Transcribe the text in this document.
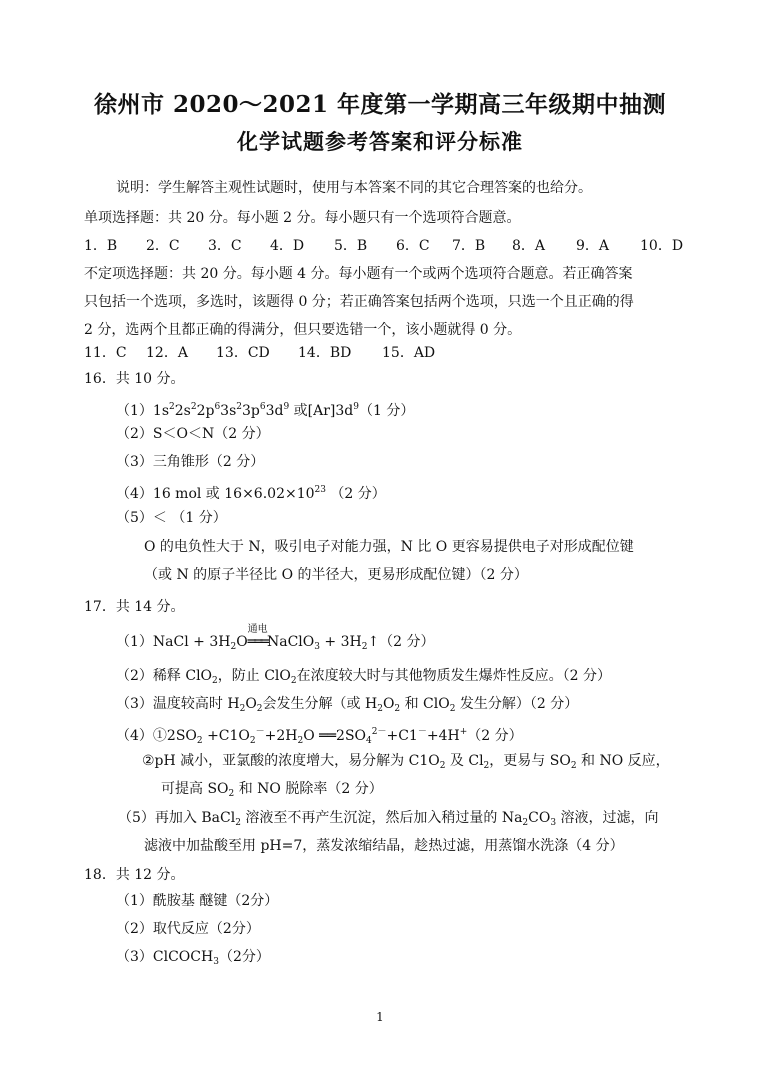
徐州市 2020～2021 年度第一学期高三年级期中抽测
化学试题参考答案和评分标准
说明：学生解答主观性试题时，使用与本答案不同的其它合理答案的也给分。
单项选择题：共 20 分。每小题 2 分。每小题只有一个选项符合题意。
1．B 2．C 3．C 4．D 5．B 6．C 7．B 8．A 9．A 10．D
不定项选择题：共 20 分。每小题 4 分。每小题有一个或两个选项符合题意。若正确答案
只包括一个选项，多选时，该题得 0 分；若正确答案包括两个选项，只选一个且正确的得
2 分，选两个且都正确的得满分，但只要选错一个，该小题就得 0 分。
11．C 12．A 13．CD 14．BD 15．AD
16．共 10 分。
$(1)1s^22s^22p^63s^23p^63d^9$ 或$[Ar]3d^9(1$ 分）
（2）S＜O＜N（2 分）
（3）三角锥形（2 分）
（4）16 mol 或 $16\times 6.02\times 10^{23}$ （2 分）
（5）＜ （1 分）
O 的电负性大于 N，吸引电子对能力强，N 比 O 更容易提供电子对形成配位键
（或 N 的原子半径比 O 的半径大，更易形成配位键）（2 分）
17．共 14 分。
（1）NaCl + $3H_2O$
通电
═══NaClO$_3$ + $3H_2↑(2$ 分）
（2）稀释 ClO$_2$，防止 ClO$_2$在浓度较大时与其他物质发生爆炸性反应。（2 分）
（3）温度较高时 $H_2O_2$会发生分解（或 $H_2O_2$ 和 ClO$_2$ 发生分解）（2 分）
$(4)①2SO_2 +C1O_2^-+2H_2O$ $══2SO_4^{2-}+C1^-+4H^+(2$ 分）
②pH 减小，亚氯酸的浓度增大，易分解为 $C1O_2$ 及 $Cl_2$，更易与 $SO_2$ 和 NO 反应，
可提高 $SO_2$ 和 NO 脱除率（2 分）
（5）再加入 BaCl$_2$ 溶液至不再产生沉淀，然后加入稍过量的 $Na_2CO_3$ 溶液，过滤，向
滤液中加盐酸至用 pH=7，蒸发浓缩结晶，趁热过滤，用蒸馏水洗涤（4 分）
18．共 12 分。
（1）酰胺基 醚键（2分）
（2）取代反应（2分）
（3）ClCOCH$_3$（2分）
1
